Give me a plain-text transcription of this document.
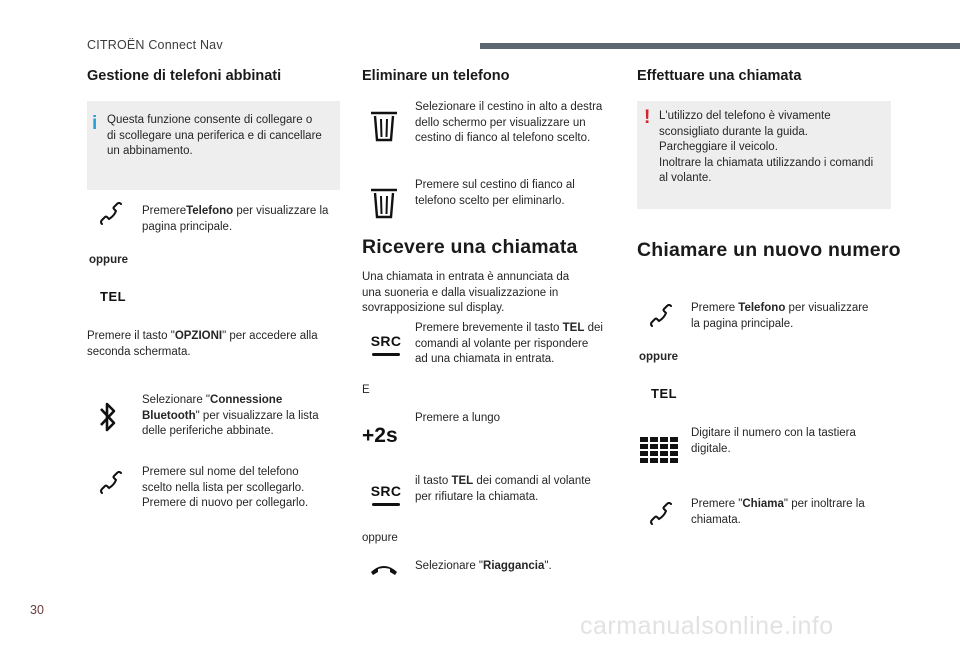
CITROËN Connect Nav
Gestione di telefoni abbinati
i Questa funzione consente di collegare o
di scollegare una periferica e di cancellare
un abbinamento.
PremereTelefono per visualizzare la
pagina principale.
oppure
TEL
Premere il tasto "OPZIONI" per accedere alla
seconda schermata.
Selezionare "Connessione
Bluetooth" per visualizzare la lista
delle periferiche abbinate.
Premere sul nome del telefono
scelto nella lista per scollegarlo.
Premere di nuovo per collegarlo.
Eliminare un telefono
Selezionare il cestino in alto a destra
dello schermo per visualizzare un
cestino di fianco al telefono scelto.
Premere sul cestino di fianco al
telefono scelto per eliminarlo.
Ricevere una chiamata
Una chiamata in entrata è annunciata da
una suoneria e dalla visualizzazione in
sovrapposizione sul display.
SRC
Premere brevemente il tasto TEL dei
comandi al volante per rispondere
ad una chiamata in entrata.
E
+2s
Premere a lungo
SRC
il tasto TEL dei comandi al volante
per rifiutare la chiamata.
oppure
Selezionare "Riaggancia".
Effettuare una chiamata
! L'utilizzo del telefono è vivamente
sconsigliato durante la guida.
Parcheggiare il veicolo.
Inoltrare la chiamata utilizzando i comandi
al volante.
Chiamare un nuovo numero
Premere Telefono per visualizzare
la pagina principale.
oppure
TEL
Digitare il numero con la tastiera
digitale.
Premere "Chiama" per inoltrare la
chiamata.
30
carmanualsonline.info
